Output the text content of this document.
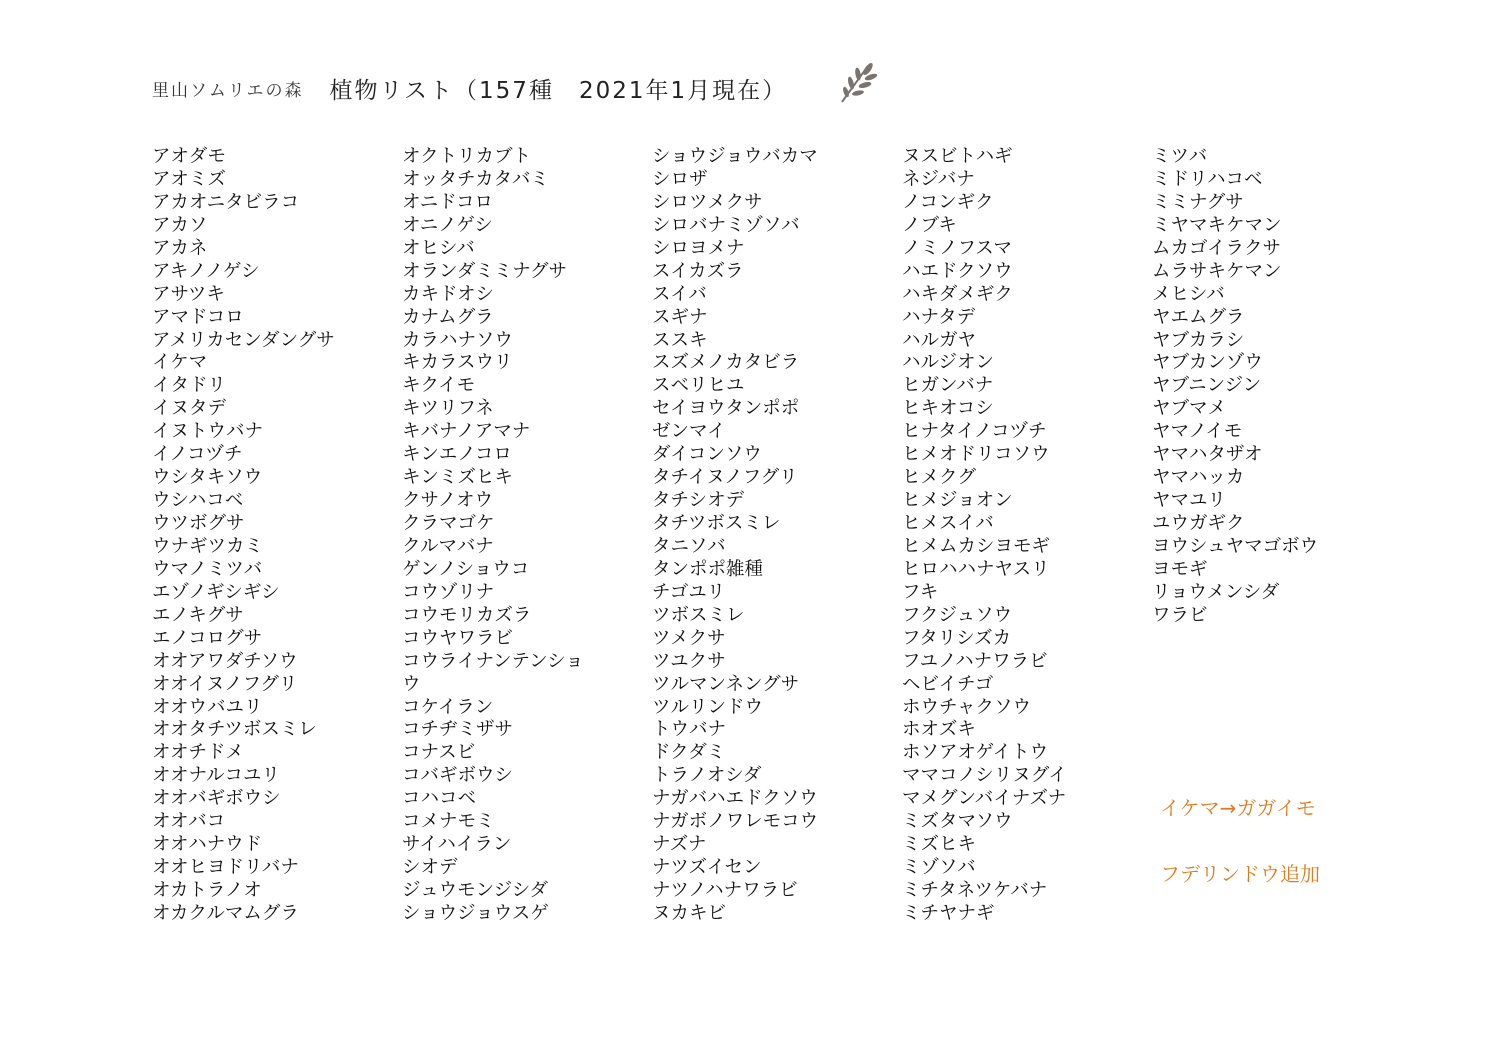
里山ソムリエの森 植物リスト（157種　2021年1月現在）
アオダモ
アオミズ
アカオニタビラコ
アカソ
アカネ
アキノノゲシ
アサツキ
アマドコロ
アメリカセンダングサ
イケマ
イタドリ
イヌタデ
イヌトウバナ
イノコヅチ
ウシタキソウ
ウシハコベ
ウツボグサ
ウナギツカミ
ウマノミツバ
エゾノギシギシ
エノキグサ
エノコログサ
オオアワダチソウ
オオイヌノフグリ
オオウバユリ
オオタチツボスミレ
オオチドメ
オオナルコユリ
オオバギボウシ
オオバコ
オオハナウド
オオヒヨドリバナ
オカトラノオ
オカクルマムグラ
オクトリカブト
オッタチカタバミ
オニドコロ
オニノゲシ
オヒシバ
オランダミミナグサ
カキドオシ
カナムグラ
カラハナソウ
キカラスウリ
キクイモ
キツリフネ
キバナノアマナ
キンエノコロ
キンミズヒキ
クサノオウ
クラマゴケ
クルマバナ
ゲンノショウコ
コウゾリナ
コウモリカズラ
コウヤワラビ
コウライナンテンショ
ウ
コケイラン
コチヂミザサ
コナスビ
コバギボウシ
コハコベ
コメナモミ
サイハイラン
シオデ
ジュウモンジシダ
ショウジョウスゲ
ショウジョウバカマ
シロザ
シロツメクサ
シロバナミゾソバ
シロヨメナ
スイカズラ
スイバ
スギナ
ススキ
スズメノカタビラ
スベリヒユ
セイヨウタンポポ
ゼンマイ
ダイコンソウ
タチイヌノフグリ
タチシオデ
タチツボスミレ
タニソバ
タンポポ雑種
チゴユリ
ツボスミレ
ツメクサ
ツユクサ
ツルマンネングサ
ツルリンドウ
トウバナ
ドクダミ
トラノオシダ
ナガバハエドクソウ
ナガボノワレモコウ
ナズナ
ナツズイセン
ナツノハナワラビ
ヌカキビ
ヌスビトハギ
ネジバナ
ノコンギク
ノブキ
ノミノフスマ
ハエドクソウ
ハキダメギク
ハナタデ
ハルガヤ
ハルジオン
ヒガンバナ
ヒキオコシ
ヒナタイノコヅチ
ヒメオドリコソウ
ヒメクグ
ヒメジョオン
ヒメスイバ
ヒメムカシヨモギ
ヒロハハナヤスリ
フキ
フクジュソウ
フタリシズカ
フユノハナワラビ
ヘビイチゴ
ホウチャクソウ
ホオズキ
ホソアオゲイトウ
ママコノシリヌグイ
マメグンバイナズナ
ミズタマソウ
ミズヒキ
ミゾソバ
ミチタネツケバナ
ミチヤナギ
ミツバ
ミドリハコベ
ミミナグサ
ミヤマキケマン
ムカゴイラクサ
ムラサキケマン
メヒシバ
ヤエムグラ
ヤブカラシ
ヤブカンゾウ
ヤブニンジン
ヤブマメ
ヤマノイモ
ヤマハタザオ
ヤマハッカ
ヤマユリ
ユウガギク
ヨウシュヤマゴボウ
ヨモギ
リョウメンシダ
ワラビ
イケマ→ガガイモ
フデリンドウ追加
